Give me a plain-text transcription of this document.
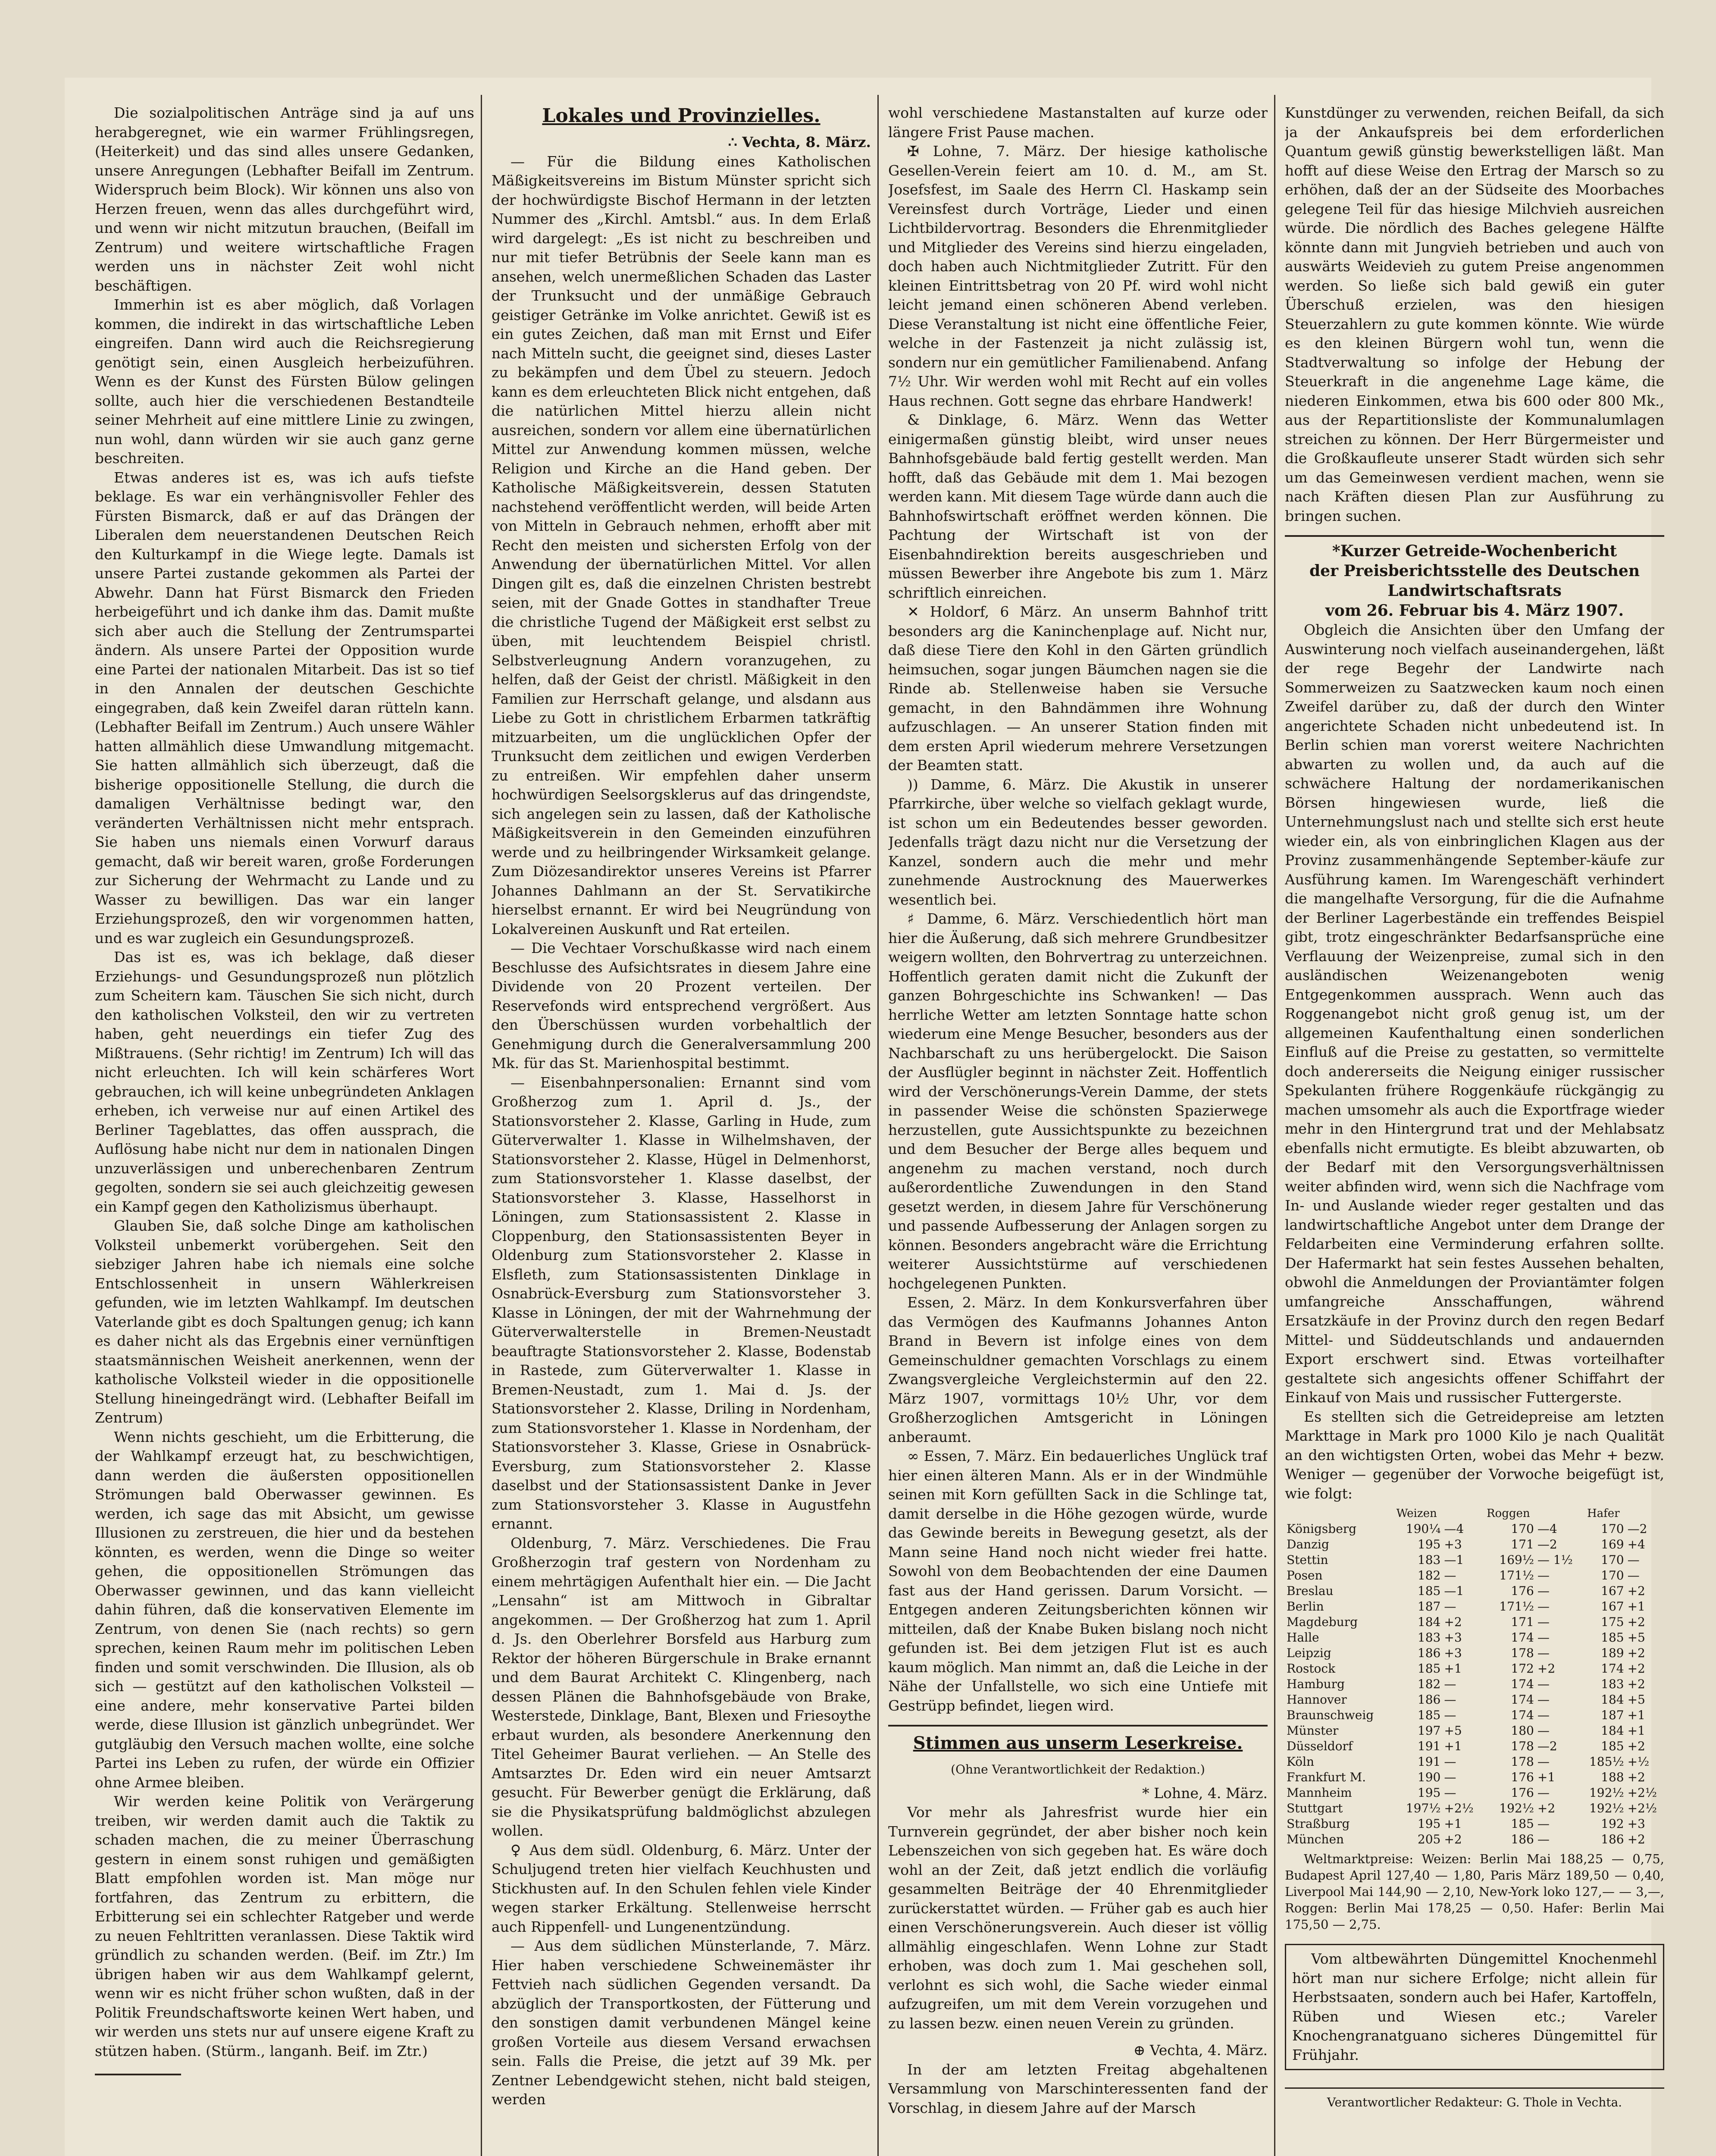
Die sozialpolitischen Anträge sind ja auf uns herabgeregnet, wie ein warmer Frühlingsregen, (Heiterkeit) und das sind alles unsere Gedanken, unsere Anregungen (Lebhafter Beifall im Zentrum. Widerspruch beim Block). Wir können uns also von Herzen freuen, wenn das alles durchgeführt wird, und wenn wir nicht mitzutun brauchen, (Beifall im Zentrum) und weitere wirtschaftliche Fragen werden uns in nächster Zeit wohl nicht beschäftigen.

Immerhin ist es aber möglich, daß Vorlagen kommen, die indirekt in das wirtschaftliche Leben eingreifen. Dann wird auch die Reichsregierung genötigt sein, einen Ausgleich herbeizuführen. Wenn es der Kunst des Fürsten Bülow gelingen sollte, auch hier die verschiedenen Bestandteile seiner Mehrheit auf eine mittlere Linie zu zwingen, nun wohl, dann würden wir sie auch ganz gerne beschreiten.

Etwas anderes ist es, was ich aufs tiefste beklage. Es war ein verhängnisvoller Fehler des Fürsten Bismarck, daß er auf das Drängen der Liberalen dem neuerstandenen Deutschen Reich den Kulturkampf in die Wiege legte. Damals ist unsere Partei zustande gekommen als Partei der Abwehr. Dann hat Fürst Bismarck den Frieden herbeigeführt und ich danke ihm das. Damit mußte sich aber auch die Stellung der Zentrumspartei ändern. Als unsere Partei der Opposition wurde eine Partei der nationalen Mitarbeit. Das ist so tief in den Annalen der deutschen Geschichte eingegraben, daß kein Zweifel daran rütteln kann. (Lebhafter Beifall im Zentrum.) Auch unsere Wähler hatten allmählich diese Umwandlung mitgemacht. Sie hatten allmählich sich überzeugt, daß die bisherige oppositionelle Stellung, die durch die damaligen Verhältnisse bedingt war, den veränderten Verhältnissen nicht mehr entsprach. Sie haben uns niemals einen Vorwurf daraus gemacht, daß wir bereit waren, große Forderungen zur Sicherung der Wehrmacht zu Lande und zu Wasser zu bewilligen. Das war ein langer Erziehungsprozeß, den wir vorgenommen hatten, und es war zugleich ein Gesundungsprozeß.

Das ist es, was ich beklage, daß dieser Erziehungs- und Gesundungsprozeß nun plötzlich zum Scheitern kam. Täuschen Sie sich nicht, durch den katholischen Volksteil, den wir zu vertreten haben, geht neuerdings ein tiefer Zug des Mißtrauens. (Sehr richtig! im Zentrum) Ich will das nicht erleuchten. Ich will kein schärferes Wort gebrauchen, ich will keine unbegründeten Anklagen erheben, ich verweise nur auf einen Artikel des Berliner Tageblattes, das offen aussprach, die Auflösung habe nicht nur dem in nationalen Dingen unzuverlässigen und unberechenbaren Zentrum gegolten, sondern sie sei auch gleichzeitig gewesen ein Kampf gegen den Katholizismus überhaupt.

Glauben Sie, daß solche Dinge am katholischen Volksteil unbemerkt vorübergehen. Seit den siebziger Jahren habe ich niemals eine solche Entschlossenheit in unsern Wählerkreisen gefunden, wie im letzten Wahlkampf. Im deutschen Vaterlande gibt es doch Spaltungen genug; ich kann es daher nicht als das Ergebnis einer vernünftigen staatsmännischen Weisheit anerkennen, wenn der katholische Volksteil wieder in die oppositionelle Stellung hineingedrängt wird. (Lebhafter Beifall im Zentrum)

Wenn nichts geschieht, um die Erbitterung, die der Wahlkampf erzeugt hat, zu beschwichtigen, dann werden die äußersten oppositionellen Strömungen bald Oberwasser gewinnen. Es werden, ich sage das mit Absicht, um gewisse Illusionen zu zerstreuen, die hier und da bestehen könnten, es werden, wenn die Dinge so weiter gehen, die oppositionellen Strömungen das Oberwasser gewinnen, und das kann vielleicht dahin führen, daß die konservativen Elemente im Zentrum, von denen Sie (nach rechts) so gern sprechen, keinen Raum mehr im politischen Leben finden und somit verschwinden. Die Illusion, als ob sich — gestützt auf den katholischen Volksteil — eine andere, mehr konservative Partei bilden werde, diese Illusion ist gänzlich unbegründet. Wer gutgläubig den Versuch machen wollte, eine solche Partei ins Leben zu rufen, der würde ein Offizier ohne Armee bleiben.

Wir werden keine Politik von Verärgerung treiben, wir werden damit auch die Taktik zu schaden machen, die zu meiner Überraschung gestern in einem sonst ruhigen und gemäßigten Blatt empfohlen worden ist. Man möge nur fortfahren, das Zentrum zu erbittern, die Erbitterung sei ein schlechter Ratgeber und werde zu neuen Fehltritten veranlassen. Diese Taktik wird gründlich zu schanden werden. (Beif. im Ztr.) Im übrigen haben wir aus dem Wahlkampf gelernt, wenn wir es nicht früher schon wußten, daß in der Politik Freundschaftsworte keinen Wert haben, und wir werden uns stets nur auf unsere eigene Kraft zu stützen haben. (Stürm., langanh. Beif. im Ztr.)

Lokales und Provinzielles.

∴ Vechta, 8. März.

— Für die Bildung eines Katholischen Mäßigkeitsvereins im Bistum Münster spricht sich der hochwürdigste Bischof Hermann in der letzten Nummer des „Kirchl. Amtsbl.“ aus. In dem Erlaß wird dargelegt: „Es ist nicht zu beschreiben und nur mit tiefer Betrübnis der Seele kann man es ansehen, welch unermeßlichen Schaden das Laster der Trunksucht und der unmäßige Gebrauch geistiger Getränke im Volke anrichtet. Gewiß ist es ein gutes Zeichen, daß man mit Ernst und Eifer nach Mitteln sucht, die geeignet sind, dieses Laster zu bekämpfen und dem Übel zu steuern. Jedoch kann es dem erleuchteten Blick nicht entgehen, daß die natürlichen Mittel hierzu allein nicht ausreichen, sondern vor allem eine übernatürlichen Mittel zur Anwendung kommen müssen, welche Religion und Kirche an die Hand geben. Der Katholische Mäßigkeitsverein, dessen Statuten nachstehend veröffentlicht werden, will beide Arten von Mitteln in Gebrauch nehmen, erhofft aber mit Recht den meisten und sichersten Erfolg von der Anwendung der übernatürlichen Mittel. Vor allen Dingen gilt es, daß die einzelnen Christen bestrebt seien, mit der Gnade Gottes in standhafter Treue die christliche Tugend der Mäßigkeit erst selbst zu üben, mit leuchtendem Beispiel christl. Selbstverleugnung Andern voranzugehen, zu helfen, daß der Geist der christl. Mäßigkeit in den Familien zur Herrschaft gelange, und alsdann aus Liebe zu Gott in christlichem Erbarmen tatkräftig mitzuarbeiten, um die unglücklichen Opfer der Trunksucht dem zeitlichen und ewigen Verderben zu entreißen. Wir empfehlen daher unserm hochwürdigen Seelsorgsklerus auf das dringendste, sich angelegen sein zu lassen, daß der Katholische Mäßigkeitsverein in den Gemeinden einzuführen werde und zu heilbringender Wirksamkeit gelange. Zum Diözesandirektor unseres Vereins ist Pfarrer Johannes Dahlmann an der St. Servatikirche hierselbst ernannt. Er wird bei Neugründung von Lokalvereinen Auskunft und Rat erteilen.

— Die Vechtaer Vorschußkasse wird nach einem Beschlusse des Aufsichtsrates in diesem Jahre eine Dividende von 20 Prozent verteilen. Der Reservefonds wird entsprechend vergrößert. Aus den Überschüssen wurden vorbehaltlich der Genehmigung durch die Generalversammlung 200 Mk. für das St. Marienhospital bestimmt.

— Eisenbahnpersonalien: Ernannt sind vom Großherzog zum 1. April d. Js., der Stationsvorsteher 2. Klasse, Garling in Hude, zum Güterverwalter 1. Klasse in Wilhelmshaven, der Stationsvorsteher 2. Klasse, Hügel in Delmenhorst, zum Stationsvorsteher 1. Klasse daselbst, der Stationsvorsteher 3. Klasse, Hasselhorst in Löningen, zum Stationsassistent 2. Klasse in Cloppenburg, den Stationsassistenten Beyer in Oldenburg zum Stationsvorsteher 2. Klasse in Elsfleth, zum Stationsassistenten Dinklage in Osnabrück-Eversburg zum Stationsvorsteher 3. Klasse in Löningen, der mit der Wahrnehmung der Güterverwalterstelle in Bremen-Neustadt beauftragte Stationsvorsteher 2. Klasse, Bodenstab in Rastede, zum Güterverwalter 1. Klasse in Bremen-Neustadt, zum 1. Mai d. Js. der Stationsvorsteher 2. Klasse, Driling in Nordenham, zum Stationsvorsteher 1. Klasse in Nordenham, der Stationsvorsteher 3. Klasse, Griese in Osnabrück-Eversburg, zum Stationsvorsteher 2. Klasse daselbst und der Stationsassistent Danke in Jever zum Stationsvorsteher 3. Klasse in Augustfehn ernannt.

Oldenburg, 7. März. Verschiedenes. Die Frau Großherzogin traf gestern von Nordenham zu einem mehrtägigen Aufenthalt hier ein. — Die Jacht „Lensahn“ ist am Mittwoch in Gibraltar angekommen. — Der Großherzog hat zum 1. April d. Js. den Oberlehrer Borsfeld aus Harburg zum Rektor der höheren Bürgerschule in Brake ernannt und dem Baurat Architekt C. Klingenberg, nach dessen Plänen die Bahnhofsgebäude von Brake, Westerstede, Dinklage, Bant, Blexen und Friesoythe erbaut wurden, als besondere Anerkennung den Titel Geheimer Baurat verliehen. — An Stelle des Amtsarztes Dr. Eden wird ein neuer Amtsarzt gesucht. Für Bewerber genügt die Erklärung, daß sie die Physikatsprüfung baldmöglichst abzulegen wollen.

♀ Aus dem südl. Oldenburg, 6. März. Unter der Schuljugend treten hier vielfach Keuchhusten und Stickhusten auf. In den Schulen fehlen viele Kinder wegen starker Erkältung. Stellenweise herrscht auch Rippenfell- und Lungenentzündung.

— Aus dem südlichen Münsterlande, 7. März. Hier haben verschiedene Schweinemäster ihr Fettvieh nach südlichen Gegenden versandt. Da abzüglich der Transportkosten, der Fütterung und den sonstigen damit verbundenen Mängel keine großen Vorteile aus diesem Versand erwachsen sein. Falls die Preise, die jetzt auf 39 Mk. per Zentner Lebendgewicht stehen, nicht bald steigen, werden

wohl verschiedene Mastanstalten auf kurze oder längere Frist Pause machen.

✠ Lohne, 7. März. Der hiesige katholische Gesellen-Verein feiert am 10. d. M., am St. Josefsfest, im Saale des Herrn Cl. Haskamp sein Vereinsfest durch Vorträge, Lieder und einen Lichtbildervortrag. Besonders die Ehrenmitglieder und Mitglieder des Vereins sind hierzu eingeladen, doch haben auch Nichtmitglieder Zutritt. Für den kleinen Eintrittsbetrag von 20 Pf. wird wohl nicht leicht jemand einen schöneren Abend verleben. Diese Veranstaltung ist nicht eine öffentliche Feier, welche in der Fastenzeit ja nicht zulässig ist, sondern nur ein gemütlicher Familienabend. Anfang 7½ Uhr. Wir werden wohl mit Recht auf ein volles Haus rechnen. Gott segne das ehrbare Handwerk!

& Dinklage, 6. März. Wenn das Wetter einigermaßen günstig bleibt, wird unser neues Bahnhofsgebäude bald fertig gestellt werden. Man hofft, daß das Gebäude mit dem 1. Mai bezogen werden kann. Mit diesem Tage würde dann auch die Bahnhofswirtschaft eröffnet werden können. Die Pachtung der Wirtschaft ist von der Eisenbahndirektion bereits ausgeschrieben und müssen Bewerber ihre Angebote bis zum 1. März schriftlich einreichen.

✕ Holdorf, 6 März. An unserm Bahnhof tritt besonders arg die Kaninchenplage auf. Nicht nur, daß diese Tiere den Kohl in den Gärten gründlich heimsuchen, sogar jungen Bäumchen nagen sie die Rinde ab. Stellenweise haben sie Versuche gemacht, in den Bahndämmen ihre Wohnung aufzuschlagen. — An unserer Station finden mit dem ersten April wiederum mehrere Versetzungen der Beamten statt.

)) Damme, 6. März. Die Akustik in unserer Pfarrkirche, über welche so vielfach geklagt wurde, ist schon um ein Bedeutendes besser geworden. Jedenfalls trägt dazu nicht nur die Versetzung der Kanzel, sondern auch die mehr und mehr zunehmende Austrocknung des Mauerwerkes wesentlich bei.

♯ Damme, 6. März. Verschiedentlich hört man hier die Äußerung, daß sich mehrere Grundbesitzer weigern wollten, den Bohrvertrag zu unterzeichnen. Hoffentlich geraten damit nicht die Zukunft der ganzen Bohrgeschichte ins Schwanken! — Das herrliche Wetter am letzten Sonntage hatte schon wiederum eine Menge Besucher, besonders aus der Nachbarschaft zu uns herübergelockt. Die Saison der Ausflügler beginnt in nächster Zeit. Hoffentlich wird der Verschönerungs-Verein Damme, der stets in passender Weise die schönsten Spazierwege herzustellen, gute Aussichtspunkte zu bezeichnen und dem Besucher der Berge alles bequem und angenehm zu machen verstand, noch durch außerordentliche Zuwendungen in den Stand gesetzt werden, in diesem Jahre für Verschönerung und passende Aufbesserung der Anlagen sorgen zu können. Besonders angebracht wäre die Errichtung weiterer Aussichtstürme auf verschiedenen hochgelegenen Punkten.

Essen, 2. März. In dem Konkursverfahren über das Vermögen des Kaufmanns Johannes Anton Brand in Bevern ist infolge eines von dem Gemeinschuldner gemachten Vorschlags zu einem Zwangsvergleiche Vergleichstermin auf den 22. März 1907, vormittags 10½ Uhr, vor dem Großherzoglichen Amtsgericht in Löningen anberaumt.

∞ Essen, 7. März. Ein bedauerliches Unglück traf hier einen älteren Mann. Als er in der Windmühle seinen mit Korn gefüllten Sack in die Schlinge tat, damit derselbe in die Höhe gezogen würde, wurde das Gewinde bereits in Bewegung gesetzt, als der Mann seine Hand noch nicht wieder frei hatte. Sowohl von dem Beobachtenden der eine Daumen fast aus der Hand gerissen. Darum Vorsicht. — Entgegen anderen Zeitungsberichten können wir mitteilen, daß der Knabe Buken bislang noch nicht gefunden ist. Bei dem jetzigen Flut ist es auch kaum möglich. Man nimmt an, daß die Leiche in der Nähe der Unfallstelle, wo sich eine Untiefe mit Gestrüpp befindet, liegen wird.

Stimmen aus unserm Leserkreise.
(Ohne Verantwortlichkeit der Redaktion.)

* Lohne, 4. März.

Vor mehr als Jahresfrist wurde hier ein Turnverein gegründet, der aber bisher noch kein Lebenszeichen von sich gegeben hat. Es wäre doch wohl an der Zeit, daß jetzt endlich die vorläufig gesammelten Beiträge der 40 Ehrenmitglieder zurückerstattet würden. — Früher gab es auch hier einen Verschönerungsverein. Auch dieser ist völlig allmählig eingeschlafen. Wenn Lohne zur Stadt erhoben, was doch zum 1. Mai geschehen soll, verlohnt es sich wohl, die Sache wieder einmal aufzugreifen, um mit dem Verein vorzugehen und zu lassen bezw. einen neuen Verein zu gründen.

⊕ Vechta, 4. März.

In der am letzten Freitag abgehaltenen Versammlung von Marschinteressenten fand der Vorschlag, in diesem Jahre auf der Marsch

Kunstdünger zu verwenden, reichen Beifall, da sich ja der Ankaufspreis bei dem erforderlichen Quantum gewiß günstig bewerkstelligen läßt. Man hofft auf diese Weise den Ertrag der Marsch so zu erhöhen, daß der an der Südseite des Moorbaches gelegene Teil für das hiesige Milchvieh ausreichen würde. Die nördlich des Baches gelegene Hälfte könnte dann mit Jungvieh betrieben und auch von auswärts Weidevieh zu gutem Preise angenommen werden. So ließe sich bald gewiß ein guter Überschuß erzielen, was den hiesigen Steuerzahlern zu gute kommen könnte. Wie würde es den kleinen Bürgern wohl tun, wenn die Stadtverwaltung so infolge der Hebung der Steuerkraft in die angenehme Lage käme, die niederen Einkommen, etwa bis 600 oder 800 Mk., aus der Repartitionsliste der Kommunalumlagen streichen zu können. Der Herr Bürgermeister und die Großkaufleute unserer Stadt würden sich sehr um das Gemeinwesen verdient machen, wenn sie nach Kräften diesen Plan zur Ausführung zu bringen suchen.

*Kurzer Getreide-Wochenbericht
der Preisberichtsstelle des Deutschen
Landwirtschaftsrats
vom 26. Februar bis 4. März 1907.

Obgleich die Ansichten über den Umfang der Auswinterung noch vielfach auseinandergehen, läßt der rege Begehr der Landwirte nach Sommerweizen zu Saatzwecken kaum noch einen Zweifel darüber zu, daß der durch den Winter angerichtete Schaden nicht unbedeutend ist. In Berlin schien man vorerst weitere Nachrichten abwarten zu wollen und, da auch auf die schwächere Haltung der nordamerikanischen Börsen hingewiesen wurde, ließ die Unternehmungslust nach und stellte sich erst heute wieder ein, als von einbringlichen Klagen aus der Provinz zusammenhängende September-käufe zur Ausführung kamen. Im Warengeschäft verhindert die mangelhafte Versorgung, für die die Aufnahme der Berliner Lagerbestände ein treffendes Beispiel gibt, trotz eingeschränkter Bedarfsansprüche eine Verflauung der Weizenpreise, zumal sich in den ausländischen Weizenangeboten wenig Entgegenkommen aussprach. Wenn auch das Roggenangebot nicht groß genug ist, um der allgemeinen Kaufenthaltung einen sonderlichen Einfluß auf die Preise zu gestatten, so vermittelte doch andererseits die Neigung einiger russischer Spekulanten frühere Roggenkäufe rückgängig zu machen umsomehr als auch die Exportfrage wieder mehr in den Hintergrund trat und der Mehlabsatz ebenfalls nicht ermutigte. Es bleibt abzuwarten, ob der Bedarf mit den Versorgungsverhältnissen weiter abfinden wird, wenn sich die Nachfrage vom In- und Auslande wieder reger gestalten und das landwirtschaftliche Angebot unter dem Drange der Feldarbeiten eine Verminderung erfahren sollte. Der Hafermarkt hat sein festes Aussehen behalten, obwohl die Anmeldungen der Proviantämter folgen umfangreiche Ansschaffungen, während Ersatzkäufe in der Provinz durch den regen Bedarf Mittel- und Süddeutschlands und andauernden Export erschwert sind. Etwas vorteilhafter gestaltete sich angesichts offener Schiffahrt der Einkauf von Mais und russischer Futtergerste.

Es stellten sich die Getreidepreise am letzten Markttage in Mark pro 1000 Kilo je nach Qualität an den wichtigsten Orten, wobei das Mehr + bezw. Weniger — gegenüber der Vorwoche beigefügt ist, wie folgt:

	Weizen		Roggen		Hafer	
Königsberg	190¼	—4	170	—4	170	—2
Danzig	195	+3	171	—2	169	+4
Stettin	183	—1	169½	— 1½	170	—
Posen	182	—	171½	—	170	—
Breslau	185	—1	176	—	167	+2
Berlin	187	—	171½	—	167	+1
Magdeburg	184	+2	171	—	175	+2
Halle	183	+3	174	—	185	+5
Leipzig	186	+3	178	—	189	+2
Rostock	185	+1	172	+2	174	+2
Hamburg	182	—	174	—	183	+2
Hannover	186	—	174	—	184	+5
Braunschweig	185	—	174	—	187	+1
Münster	197	+5	180	—	184	+1
Düsseldorf	191	+1	178	—2	185	+2
Köln	191	—	178	—	185½	+½
Frankfurt M.	190	—	176	+1	188	+2
Mannheim	195	—	176	—	192½	+2½
Stuttgart	197½	+2½	192½	+2	192½	+2½
Straßburg	195	+1	185	—	192	+3
München	205	+2	186	—	186	+2

Weltmarktpreise: Weizen: Berlin Mai 188,25 — 0,75, Budapest April 127,40 — 1,80, Paris März 189,50 — 0,40, Liverpool Mai 144,90 — 2,10, New-York loko 127,— — 3,—, Roggen: Berlin Mai 178,25 — 0,50. Hafer: Berlin Mai 175,50 — 2,75.

Vom altbewährten Düngemittel Knochenmehl hört man nur sichere Erfolge; nicht allein für Herbstsaaten, sondern auch bei Hafer, Kartoffeln, Rüben und Wiesen etc.; Vareler Knochengranatguano sicheres Düngemittel für Frühjahr.

Verantwortlicher Redakteur: G. Thole in Vechta.
